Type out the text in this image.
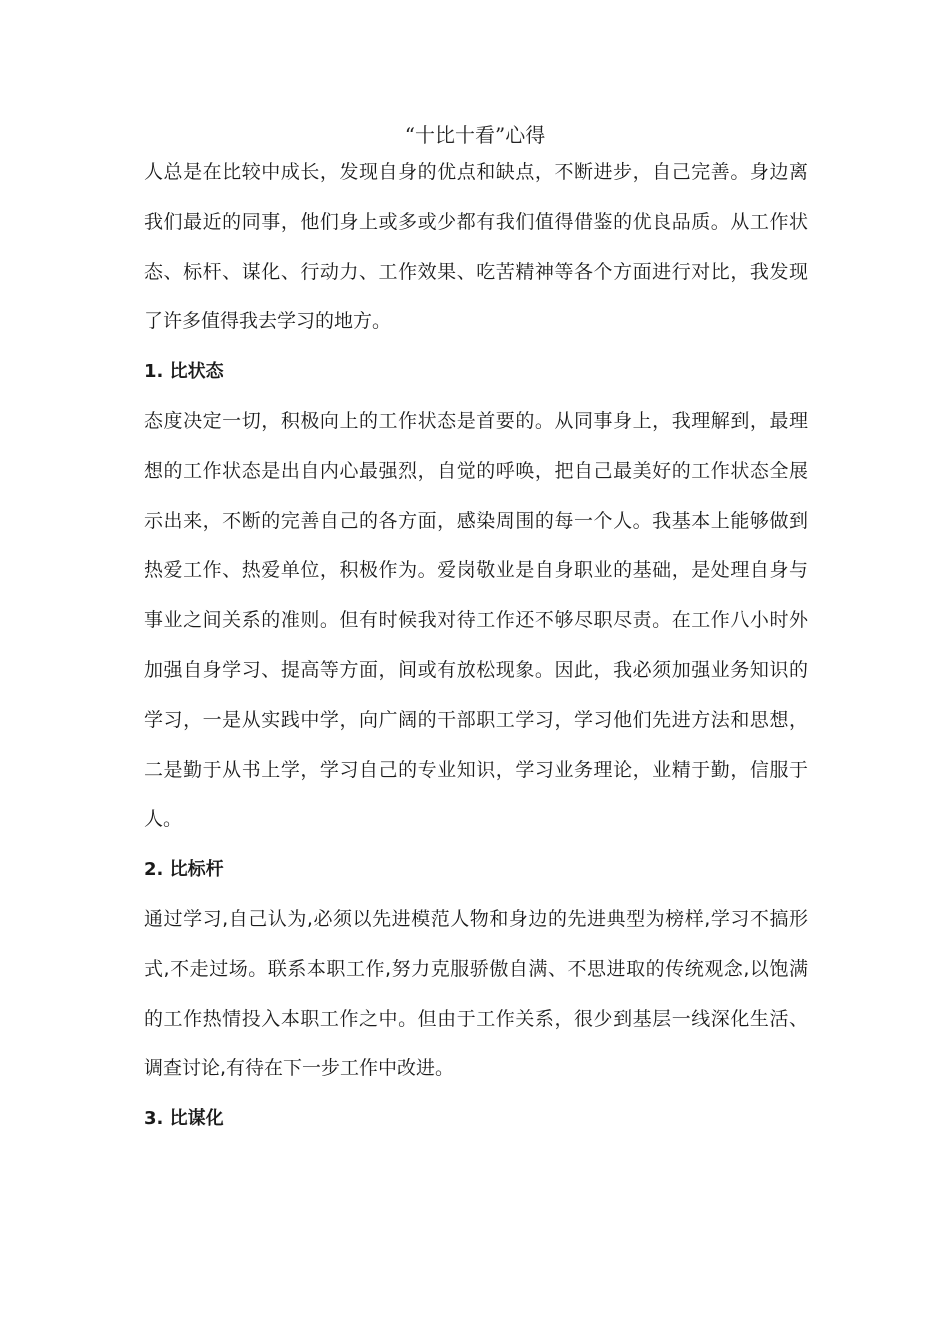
“十比十看”心得

人总是在比较中成长，发现自身的优点和缺点，不断进步，自己完善。身边离我们最近的同事，他们身上或多或少都有我们值得借鉴的优良品质。从工作状态、标杆、谋化、行动力、工作效果、吃苦精神等各个方面进行对比，我发现了许多值得我去学习的地方。

1. 比状态

态度决定一切，积极向上的工作状态是首要的。从同事身上，我理解到，最理想的工作状态是出自内心最强烈，自觉的呼唤，把自己最美好的工作状态全展示出来，不断的完善自己的各方面，感染周围的每一个人。我基本上能够做到热爱工作、热爱单位，积极作为。爱岗敬业是自身职业的基础，是处理自身与事业之间关系的准则。但有时候我对待工作还不够尽职尽责。在工作八小时外加强自身学习、提高等方面，间或有放松现象。因此，我必须加强业务知识的学习，一是从实践中学，向广阔的干部职工学习，学习他们先进方法和思想，二是勤于从书上学，学习自己的专业知识，学习业务理论，业精于勤，信服于人。

2. 比标杆

通过学习,自己认为,必须以先进模范人物和身边的先进典型为榜样,学习不搞形式,不走过场。联系本职工作,努力克服骄傲自满、不思进取的传统观念,以饱满的工作热情投入本职工作之中。但由于工作关系，很少到基层一线深化生活、调查讨论,有待在下一步工作中改进。

3. 比谋化
